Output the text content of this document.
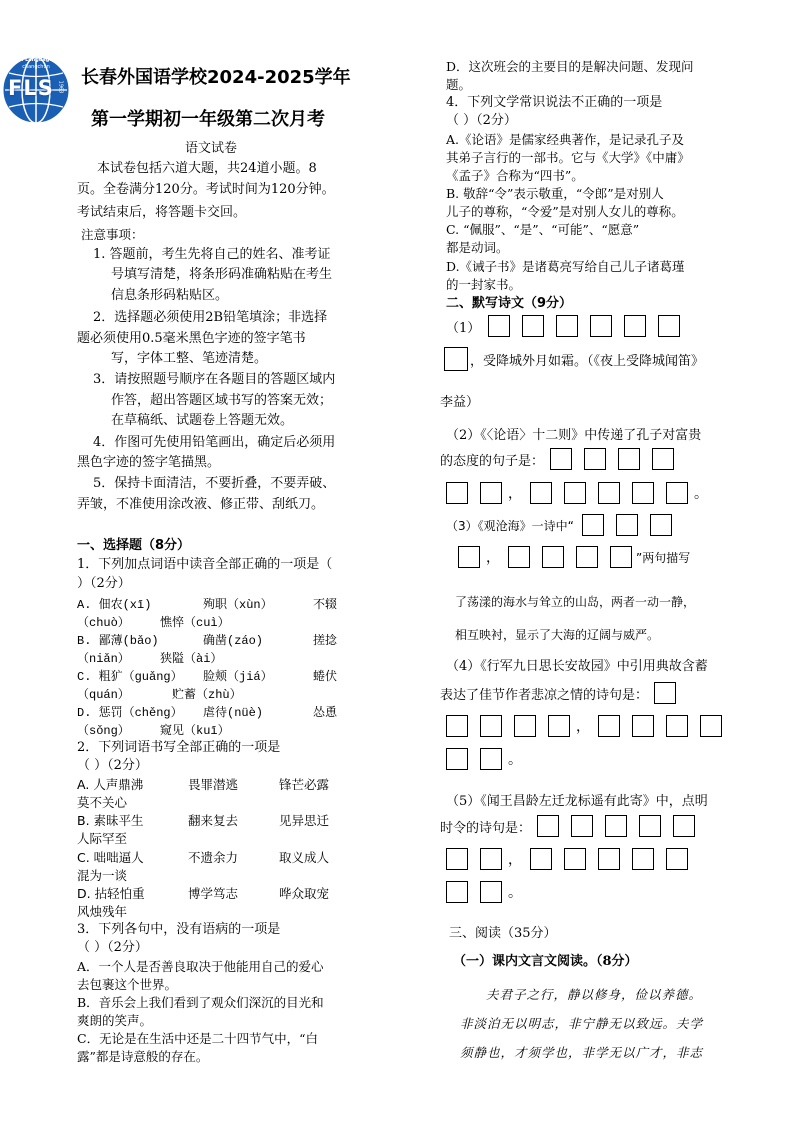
Foreign Languages School
changchun
FLS 1963 长春外国语学校2024-2025学年
第一学期初一年级第二次月考
语文试卷
本试卷包括六道大题，共24道小题。8
页。全卷满分120分。考试时间为120分钟。
考试结束后，将答题卡交回。
注意事项：
1. 答题前，考生先将自己的姓名、准考证
号填写清楚，将条形码准确粘贴在考生
信息条形码粘贴区。
2．选择题必须使用2B铅笔填涂；非选择
题必须使用0.5毫米黑色字迹的签字笔书
写，字体工整、笔迹清楚。
3．请按照题号顺序在各题目的答题区域内
作答，超出答题区域书写的答案无效；
在草稿纸、试题卷上答题无效。
4．作图可先使用铅笔画出，确定后必须用
黑色字迹的签字笔描黑。
5．保持卡面清洁，不要折叠，不要弄破、
弄皱，不准使用涂改液、修正带、刮纸刀。
一、选择题（8分）
1．下列加点词语中读音全部正确的一项是（
）（2分）
A. 佃农(xī)	殉职（xùn）	不辍
（chuò）	憔悴（cuì）
B. 鄙薄(bǎo)	确凿(záo)	搓捻
（niǎn）	狭隘（ài）
C. 粗犷（guǎng） 脸颊（jiá）	蜷伏
（quán）	贮蓄（zhù）
D. 惩罚（chěng） 虐待(nüè)	怂恿
（sǒng）	窥见（kuī）
2．下列词语书写全部正确的一项是
（ ）（2分）
A. 人声鼎沸	畏罪潜逃	锋芒必露
莫不关心
B. 素昧平生	翻来复去	见异思迁
人际罕至
C. 咄咄逼人	不遗余力	取义成人
混为一谈
D. 拈轻怕重	博学笃志	哗众取宠
风烛残年
3．下列各句中，没有语病的一项是
（ ）（2分）
A．一个人是否善良取决于他能用自己的爱心
去包裹这个世界。
B．音乐会上我们看到了观众们深沉的目光和
爽朗的笑声。
C．无论是在生活中还是二十四节气中，“白
露”都是诗意般的存在。
D．这次班会的主要目的是解决问题、发现问
题。
4．下列文学常识说法不正确的一项是
（ ）（2分）
A.《论语》是儒家经典著作，是记录孔子及
其弟子言行的一部书。它与《大学》《中庸》
《孟子》合称为“四书”。
B. 敬辞“令”表示敬重，“令郎”是对别人
儿子的尊称，“令爱”是对别人女儿的尊称。
C. “佩服”、“是”、“可能”、“愿意”
都是动词。
D.《诫子书》是诸葛亮写给自己儿子诸葛瑾
的一封家书。
二、默写诗文（9分）
（1）
，受降城外月如霜。（《夜上受降城闻笛》
李益）
（2）《〈论语〉十二则》中传递了孔子对富贵
的态度的句子是：
，	。
（3）《观沧海》一诗中“
，	”两句描写
了荡漾的海水与耸立的山岛，两者一动一静，
相互映衬，显示了大海的辽阔与威严。
（4）《行军九日思长安故园》中引用典故含蓄
表达了佳节作者悲凉之情的诗句是：
，
。
（5）《闻王昌龄左迁龙标遥有此寄》中，点明
时令的诗句是：
，
。
三、阅读（35分）
（一）课内文言文阅读。（8分）
夫君子之行，静以修身，俭以养德。
非淡泊无以明志，非宁静无以致远。夫学
须静也，才须学也，非学无以广才，非志
